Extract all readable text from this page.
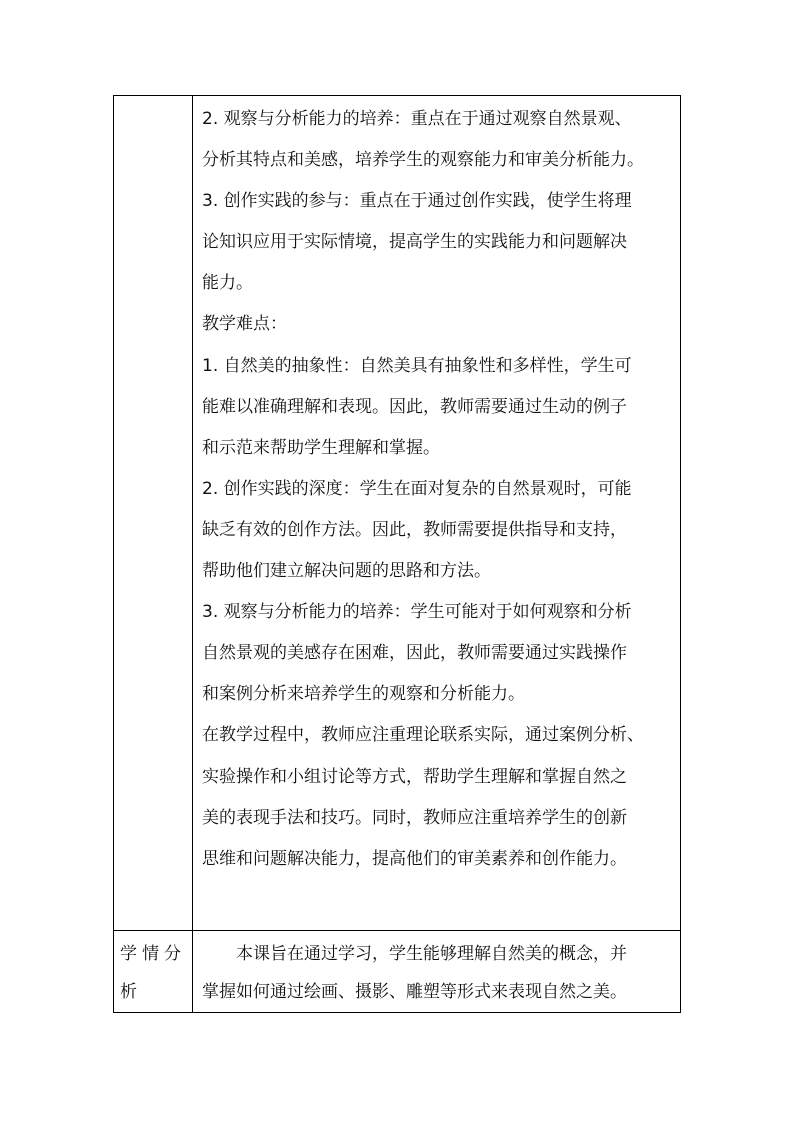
2. 观察与分析能力的培养：重点在于通过观察自然景观、
分析其特点和美感，培养学生的观察能力和审美分析能力。
3. 创作实践的参与：重点在于通过创作实践，使学生将理
论知识应用于实际情境，提高学生的实践能力和问题解决
能力。
教学难点：
1. 自然美的抽象性：自然美具有抽象性和多样性，学生可
能难以准确理解和表现。因此，教师需要通过生动的例子
和示范来帮助学生理解和掌握。
2. 创作实践的深度：学生在面对复杂的自然景观时，可能
缺乏有效的创作方法。因此，教师需要提供指导和支持，
帮助他们建立解决问题的思路和方法。
3. 观察与分析能力的培养：学生可能对于如何观察和分析
自然景观的美感存在困难，因此，教师需要通过实践操作
和案例分析来培养学生的观察和分析能力。
在教学过程中，教师应注重理论联系实际，通过案例分析、
实验操作和小组讨论等方式，帮助学生理解和掌握自然之
美的表现手法和技巧。同时，教师应注重培养学生的创新
思维和问题解决能力，提高他们的审美素养和创作能力。
学情分
析
本课旨在通过学习，学生能够理解自然美的概念，并
掌握如何通过绘画、摄影、雕塑等形式来表现自然之美。
